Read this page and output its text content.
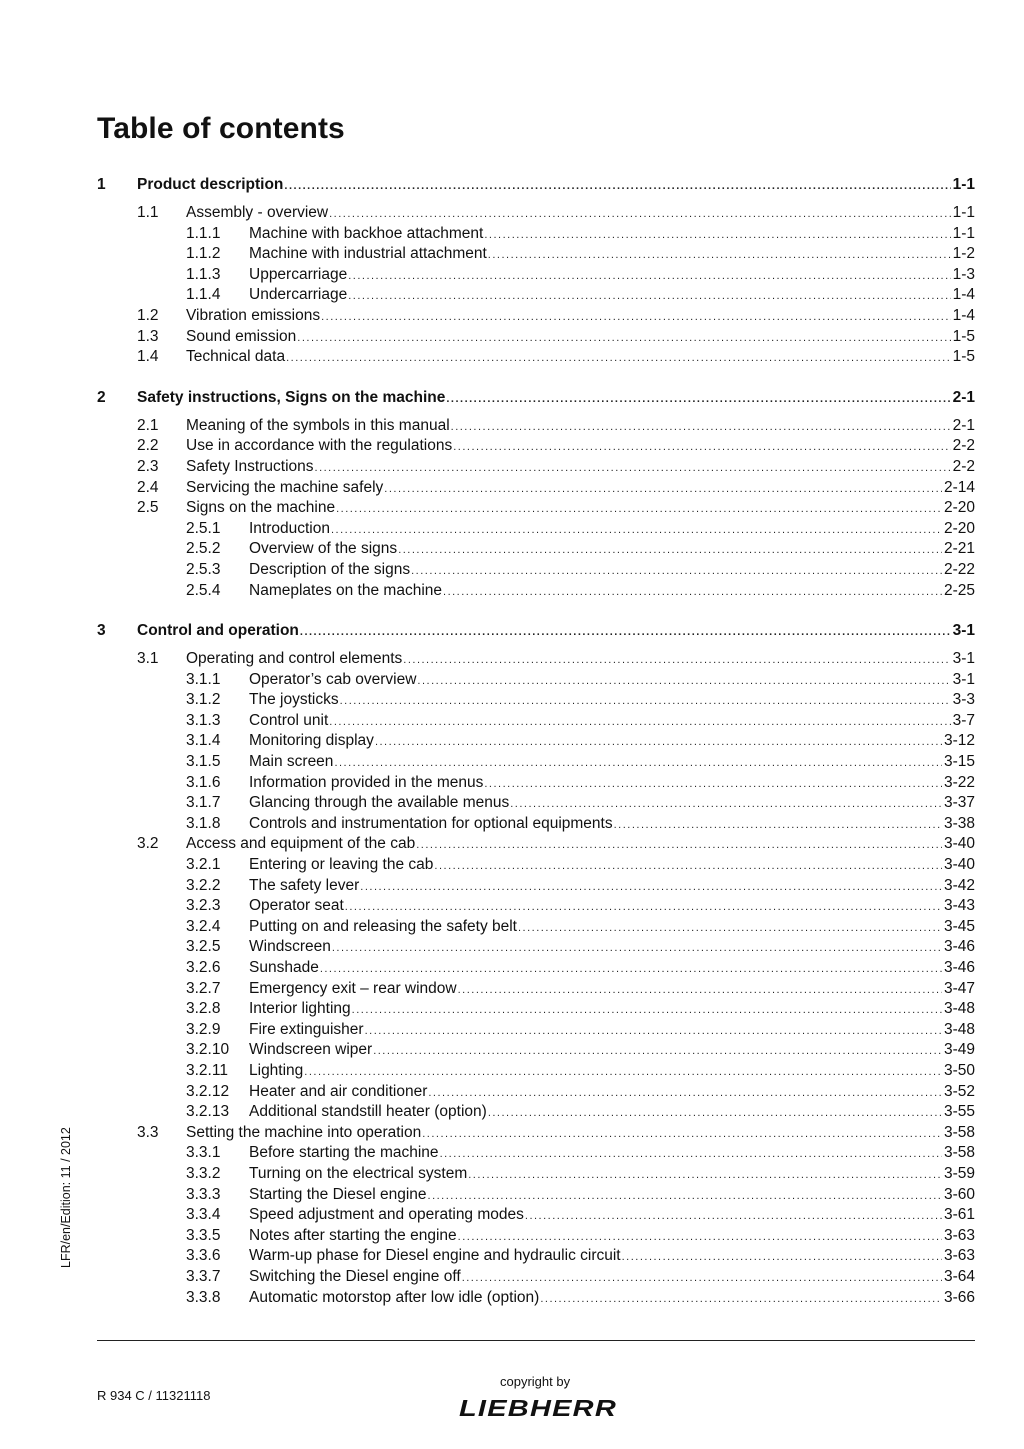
Table of contents
1 Product description .....	1-1
1.1 Assembly - overview .....	1-1
1.1.1 Machine with backhoe attachment .....	1-1
1.1.2 Machine with industrial attachment .....	1-2
1.1.3 Uppercarriage .....	1-3
1.1.4 Undercarriage .....	1-4
1.2 Vibration emissions .....	1-4
1.3 Sound emission .....	1-5
1.4 Technical data .....	1-5
2 Safety instructions, Signs on the machine .....	2-1
2.1 Meaning of the symbols in this manual .....	2-1
2.2 Use in accordance with the regulations .....	2-2
2.3 Safety Instructions .....	2-2
2.4 Servicing the machine safely .....	2-14
2.5 Signs on the machine .....	2-20
2.5.1 Introduction .....	2-20
2.5.2 Overview of the signs .....	2-21
2.5.3 Description of the signs .....	2-22
2.5.4 Nameplates on the machine .....	2-25
3 Control and operation .....	3-1
3.1 Operating and control elements .....	3-1
3.1.1 Operator’s cab overview .....	3-1
3.1.2 The joysticks .....	3-3
3.1.3 Control unit .....	3-7
3.1.4 Monitoring display .....	3-12
3.1.5 Main screen .....	3-15
3.1.6 Information provided in the menus .....	3-22
3.1.7 Glancing through the available menus .....	3-37
3.1.8 Controls and instrumentation for optional equipments .....	3-38
3.2 Access and equipment of the cab .....	3-40
3.2.1 Entering or leaving the cab .....	3-40
3.2.2 The safety lever .....	3-42
3.2.3 Operator seat .....	3-43
3.2.4 Putting on and releasing the safety belt .....	3-45
3.2.5 Windscreen .....	3-46
3.2.6 Sunshade .....	3-46
3.2.7 Emergency exit – rear window .....	3-47
3.2.8 Interior lighting .....	3-48
3.2.9 Fire extinguisher .....	3-48
3.2.10 Windscreen wiper .....	3-49
3.2.11 Lighting .....	3-50
3.2.12 Heater and air conditioner .....	3-52
3.2.13 Additional standstill heater (option) .....	3-55
3.3 Setting the machine into operation .....	3-58
3.3.1 Before starting the machine .....	3-58
3.3.2 Turning on the electrical system .....	3-59
3.3.3 Starting the Diesel engine .....	3-60
3.3.4 Speed adjustment and operating modes .....	3-61
3.3.5 Notes after starting the engine .....	3-63
3.3.6 Warm-up phase for Diesel engine and hydraulic circuit .....	3-63
3.3.7 Switching the Diesel engine off .....	3-64
3.3.8 Automatic motorstop after low idle (option) .....	3-66
LFR/en/Edition: 11 / 2012
R 934 C / 11321118
copyright by
LIEBHERR
